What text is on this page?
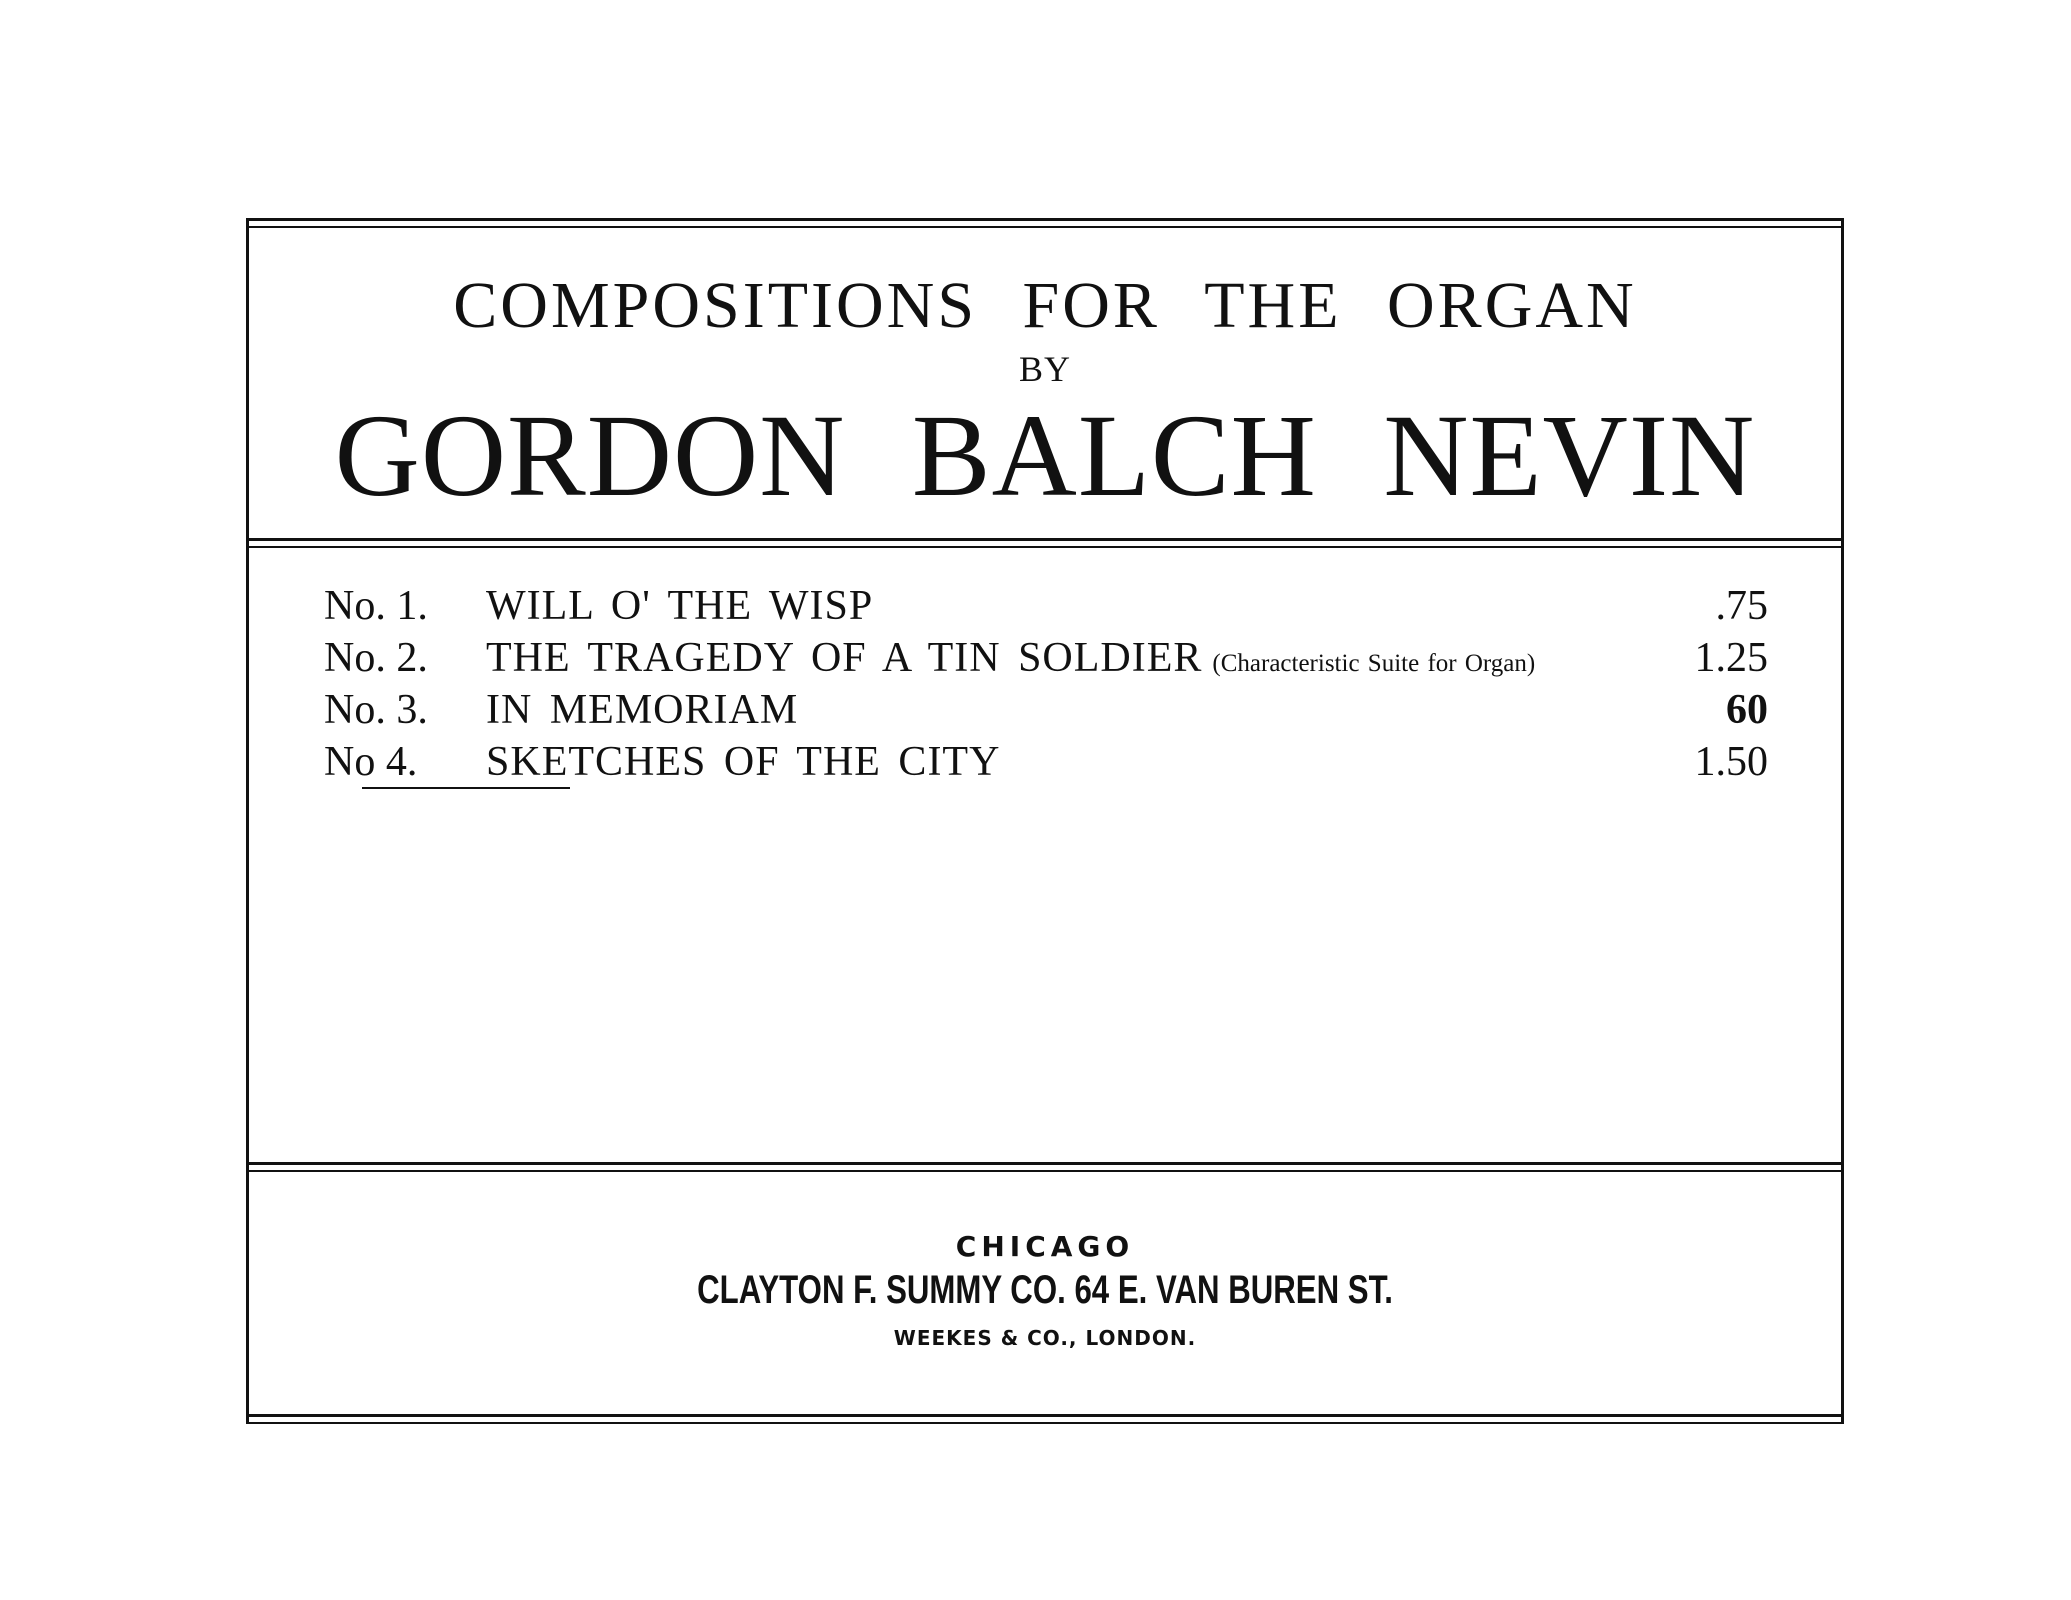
COMPOSITIONS FOR THE ORGAN
BY
GORDON BALCH NEVIN
No. 1. WILL O' THE WISP	.75
No. 2. THE TRAGEDY OF A TIN SOLDIER (Characteristic Suite for Organ)	1.25
No. 3. IN MEMORIAM	60
No 4. SKETCHES OF THE CITY	1.50
CHICAGO
CLAYTON F. SUMMY CO. 64 E. VAN BUREN ST.
WEEKES & CO., LONDON.
